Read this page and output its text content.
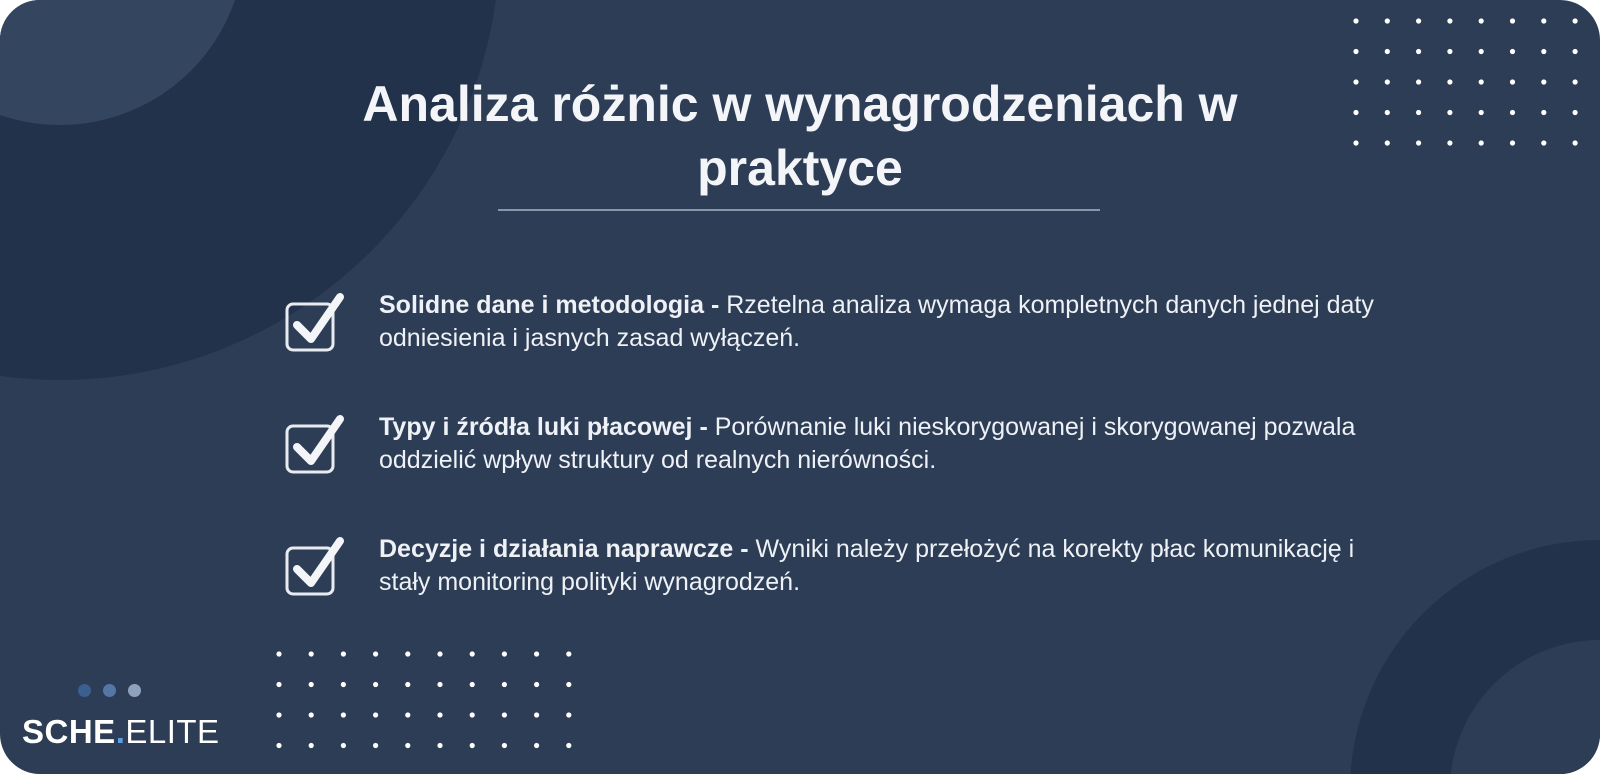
Analiza różnic w wynagrodzeniach w praktyce
Solidne dane i metodologia - Rzetelna analiza wymaga kompletnych danych jednej daty odniesienia i jasnych zasad wyłączeń.
Typy i źródła luki płacowej - Porównanie luki nieskorygowanej i skorygowanej pozwala oddzielić wpływ struktury od realnych nierówności.
Decyzje i działania naprawcze - Wyniki należy przełożyć na korekty płac komunikację i stały monitoring polityki wynagrodzeń.
SCHE.ELITE
